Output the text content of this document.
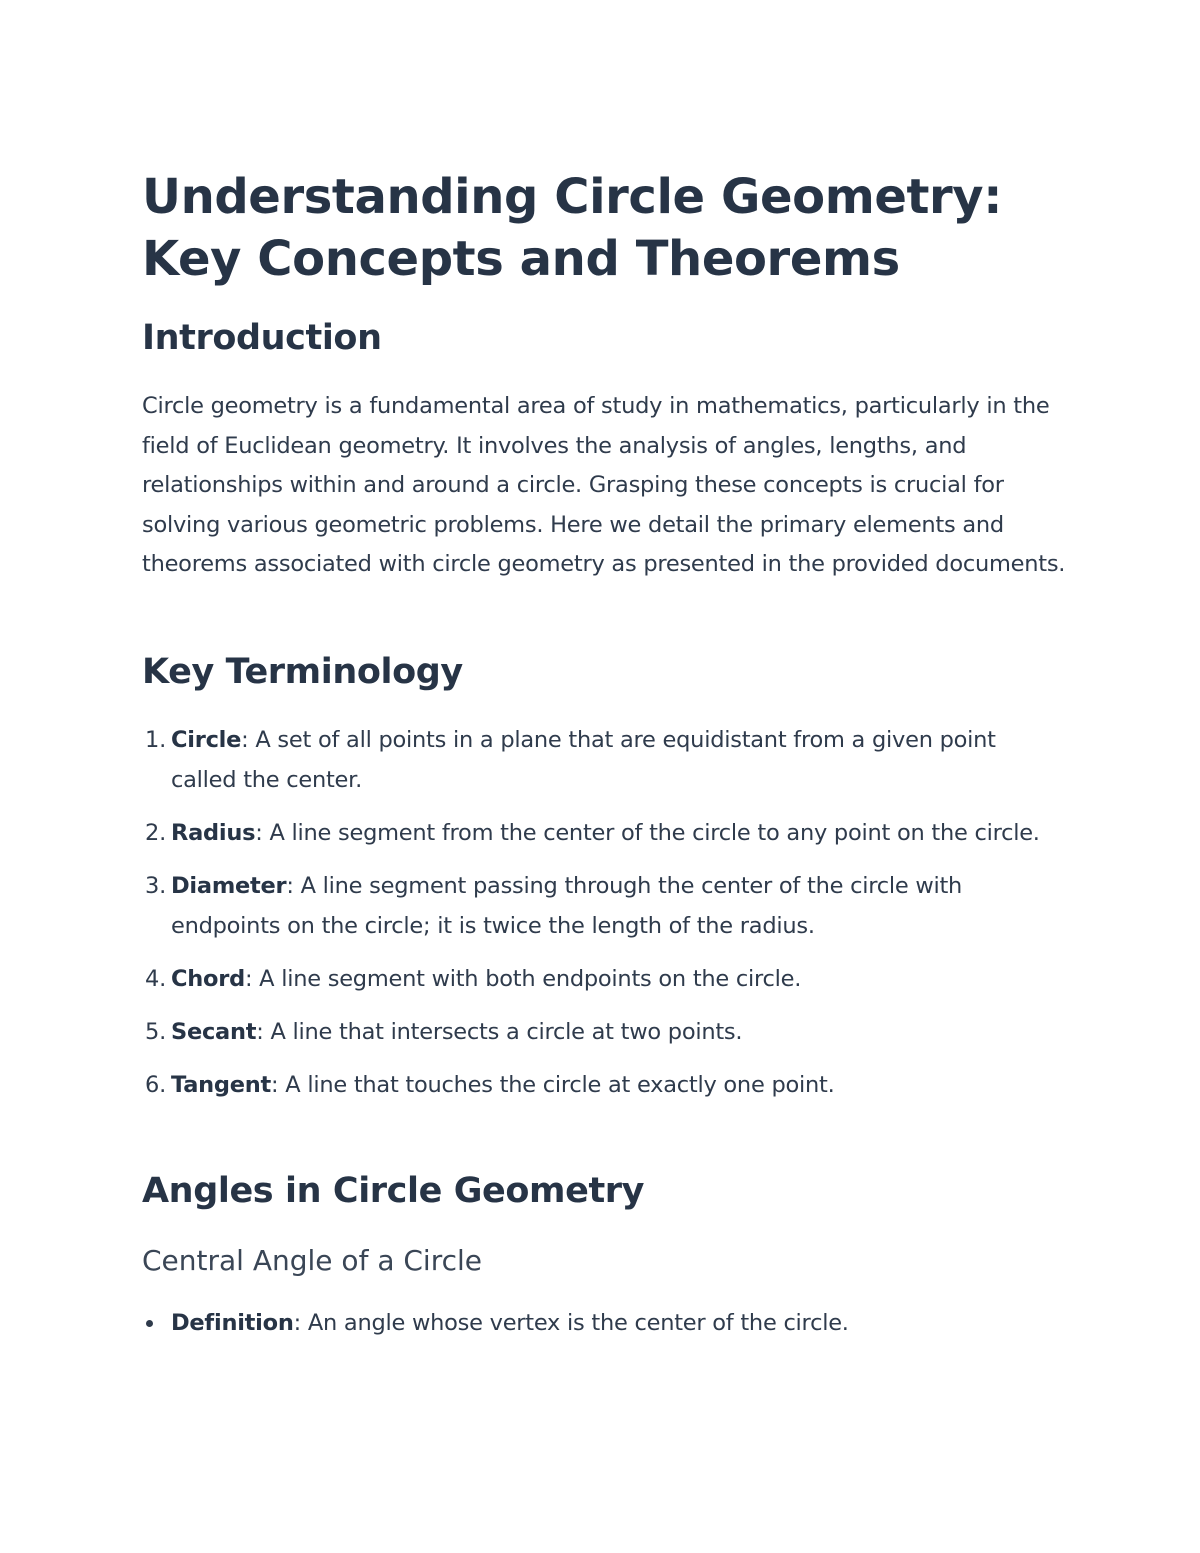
Understanding Circle Geometry: Key Concepts and Theorems
Introduction

Circle geometry is a fundamental area of study in mathematics, particularly in the field of Euclidean geometry. It involves the analysis of angles, lengths, and relationships within and around a circle. Grasping these concepts is crucial for solving various geometric problems. Here we detail the primary elements and theorems associated with circle geometry as presented in the provided documents.

Key Terminology
1. Circle: A set of all points in a plane that are equidistant from a given point called the center.
2. Radius: A line segment from the center of the circle to any point on the circle.
3. Diameter: A line segment passing through the center of the circle with endpoints on the circle; it is twice the length of the radius.
4. Chord: A line segment with both endpoints on the circle.
5. Secant: A line that intersects a circle at two points.
6. Tangent: A line that touches the circle at exactly one point.
Angles in Circle Geometry
Central Angle of a Circle
Definition: An angle whose vertex is the center of the circle.
